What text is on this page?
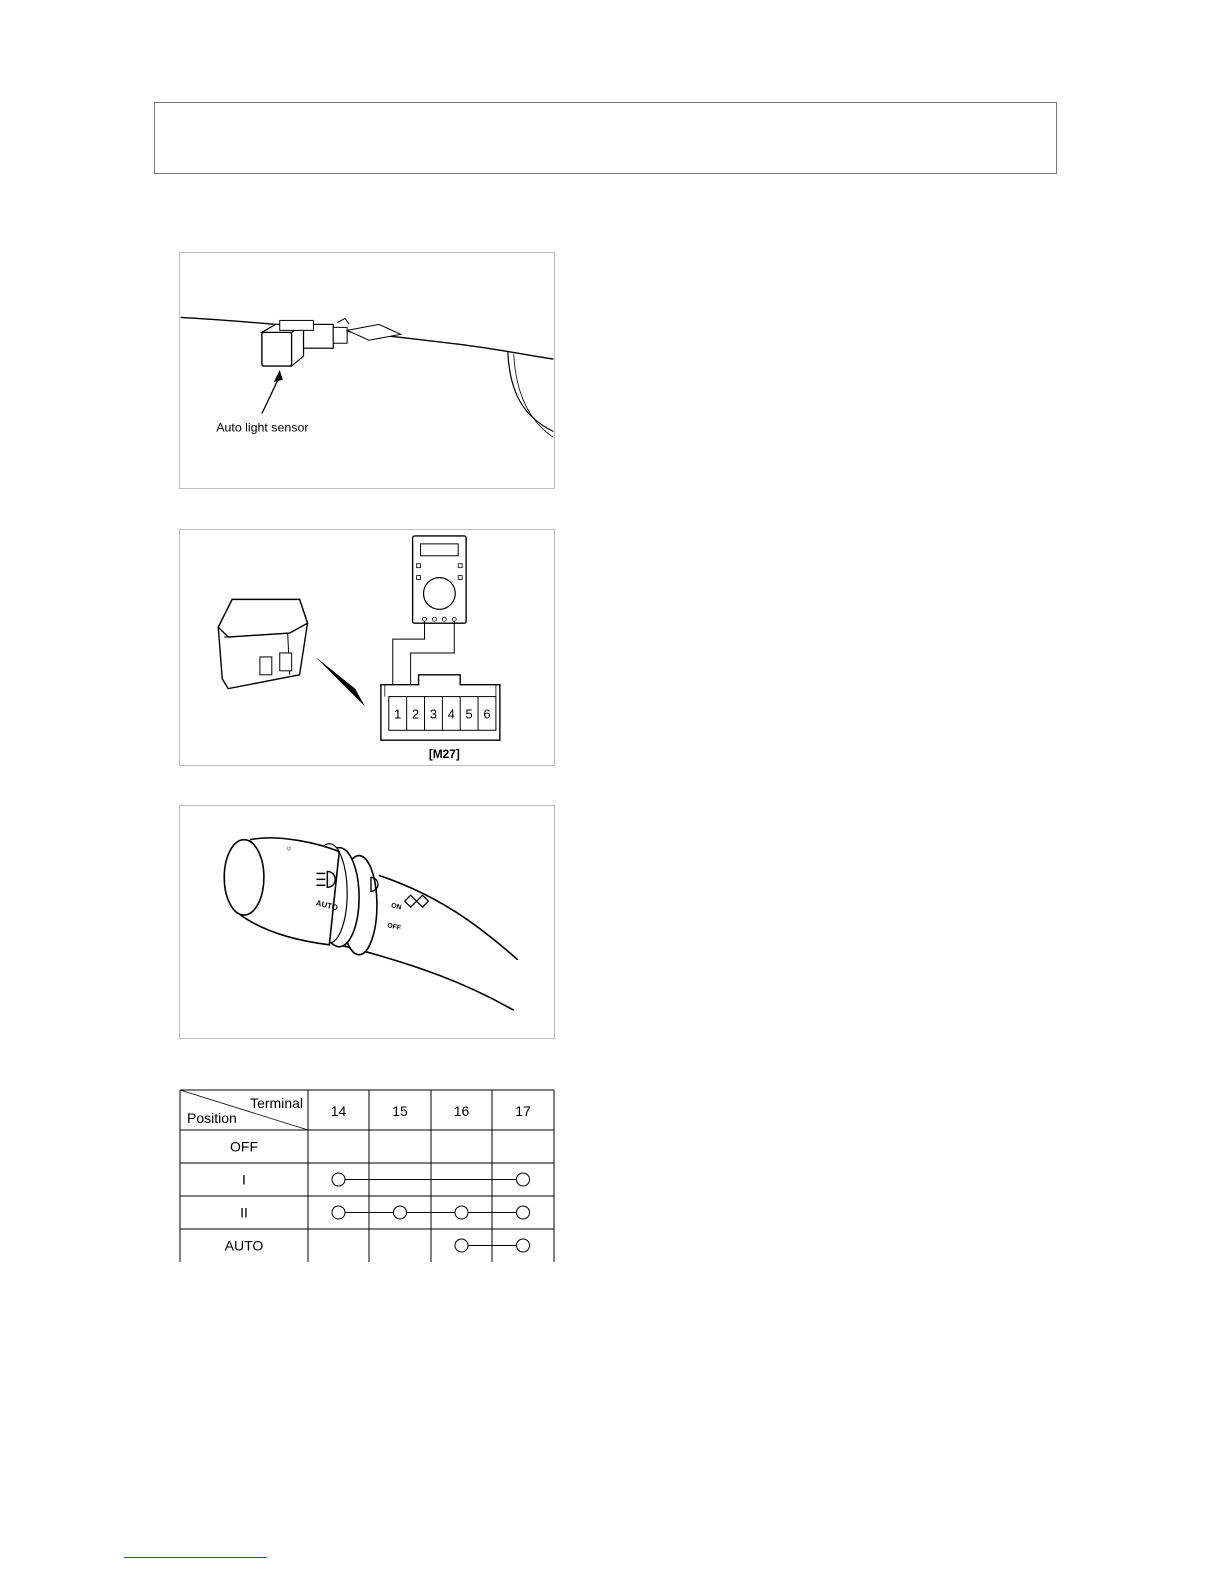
Auto light sensor
1 2 3 4 5 6
[M27]
☼
AUTO	ON
OFF
Terminal
Position	14	15	16	17
OFF
I
II
AUTO
